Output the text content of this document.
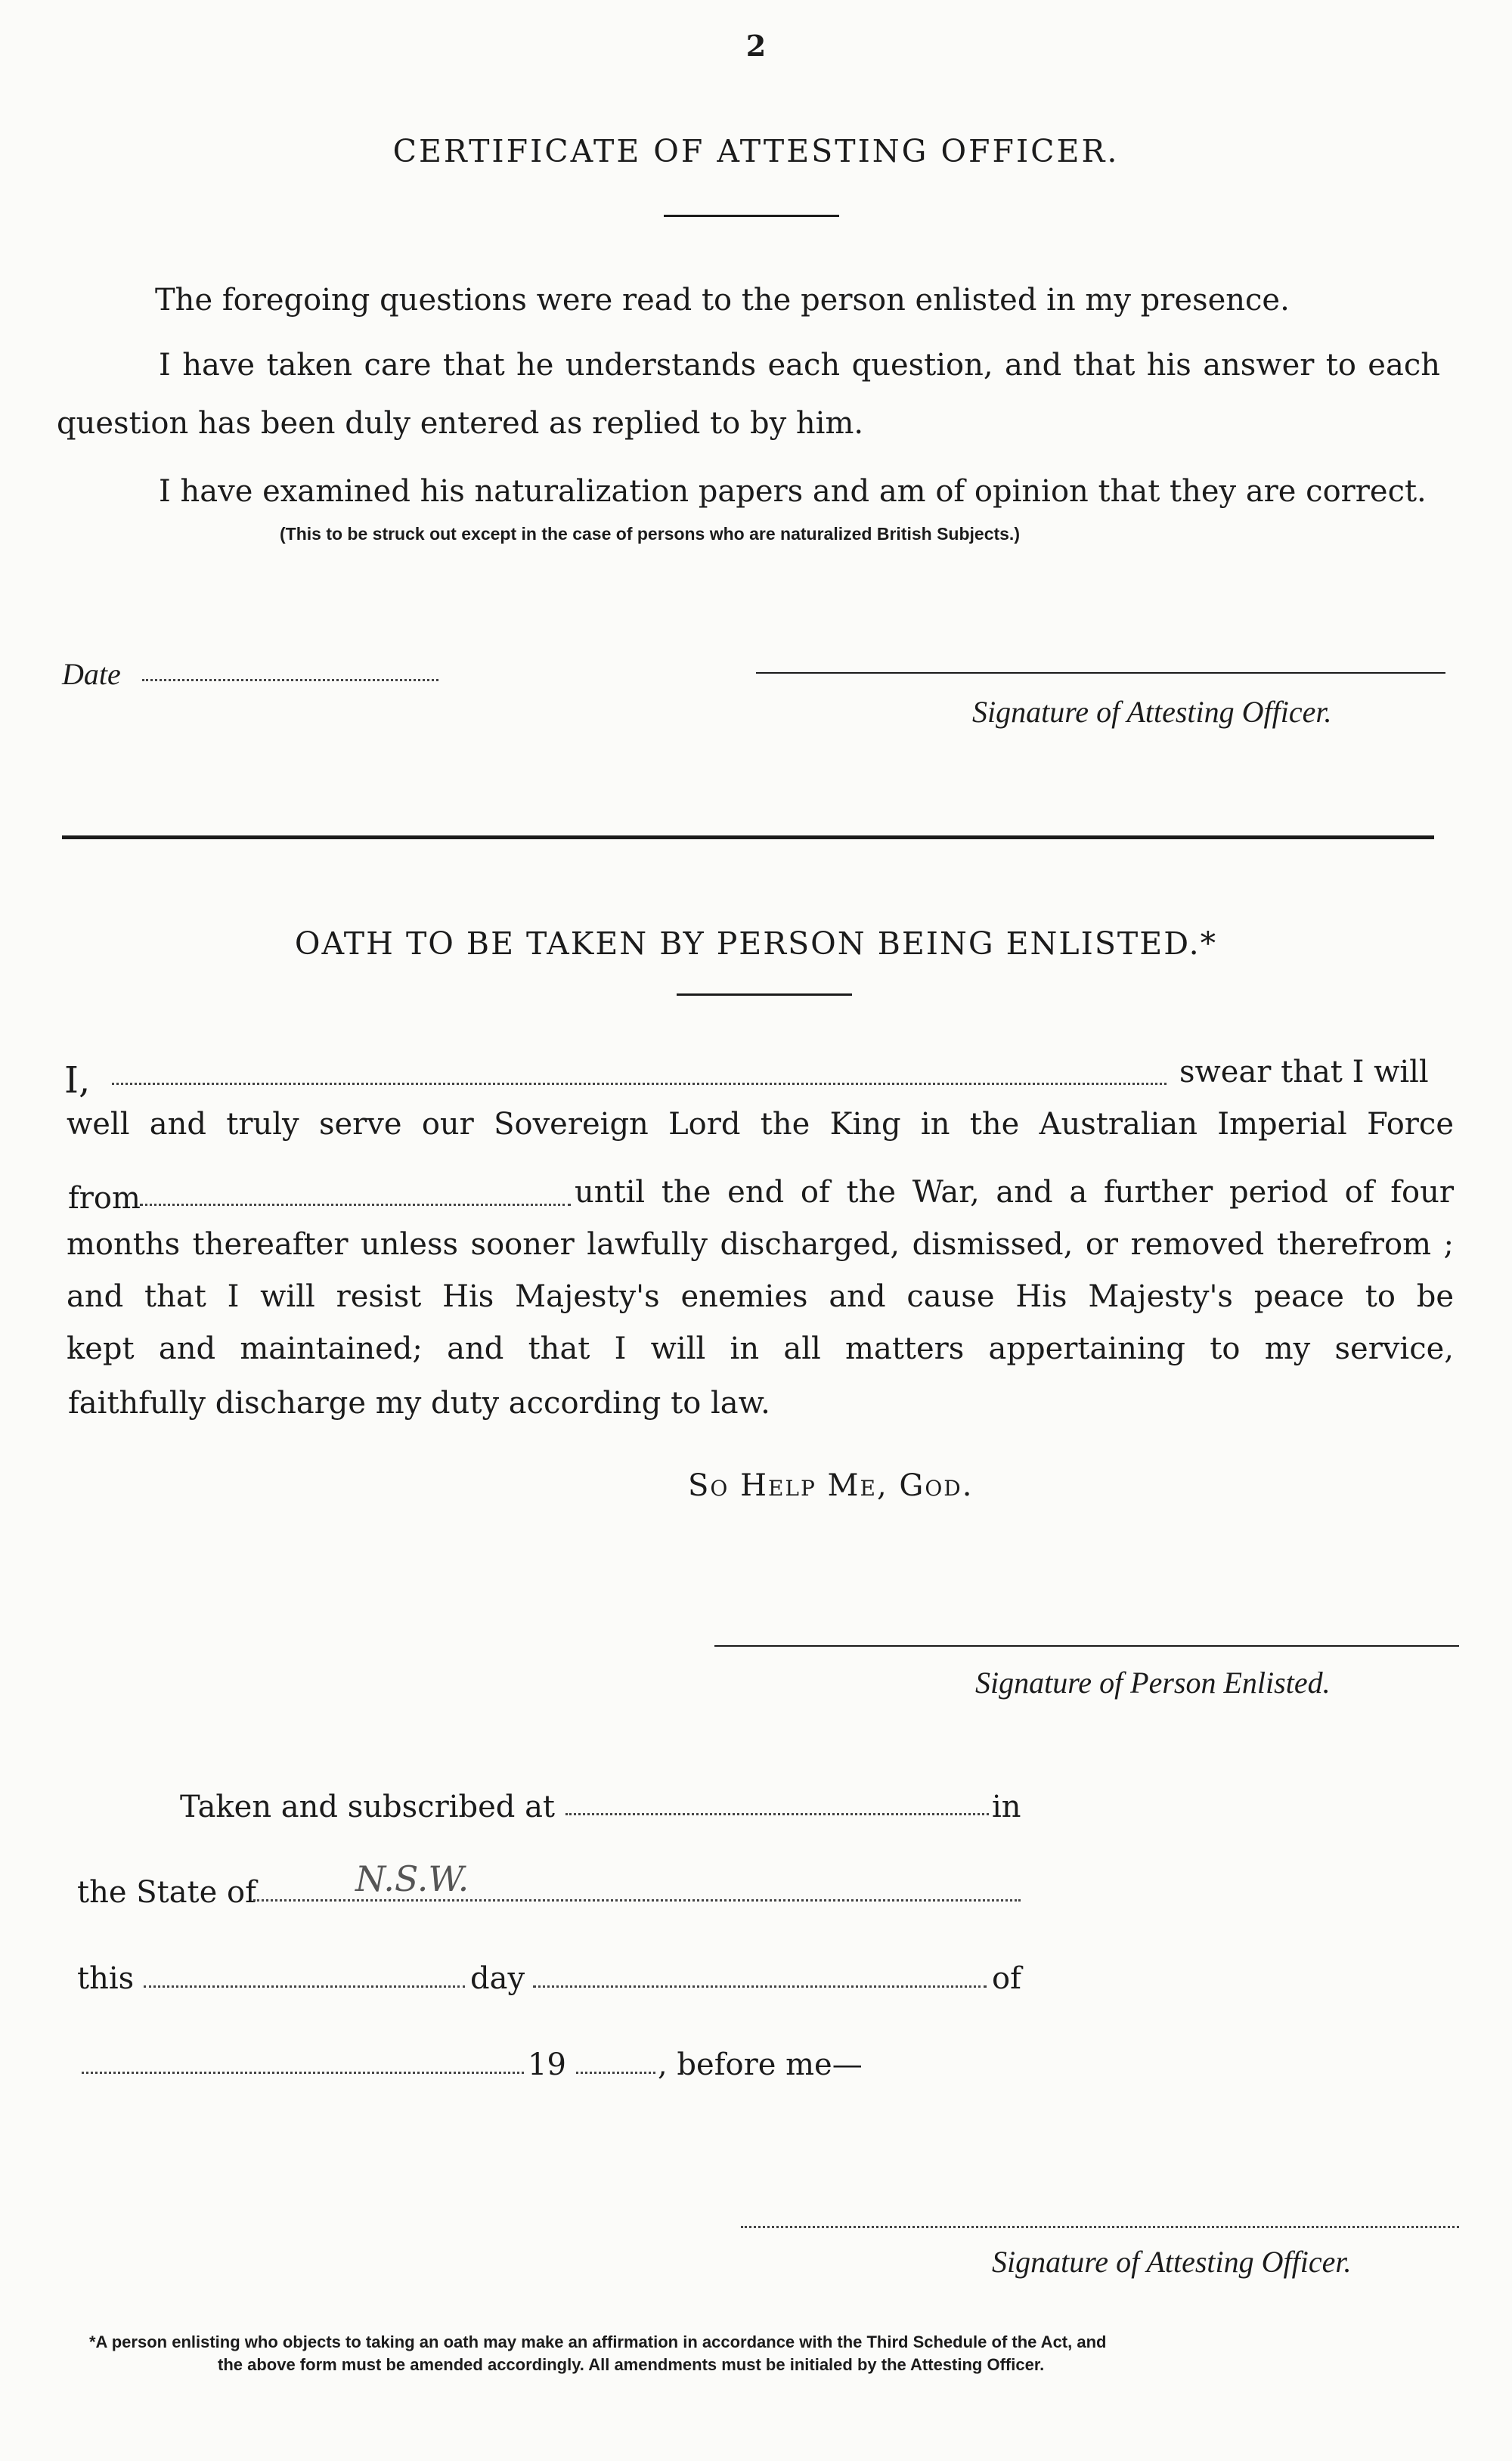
2
CERTIFICATE OF ATTESTING OFFICER.
The foregoing questions were read to the person enlisted in my presence.
I have taken care that he understands each question, and that his answer to each
question has been duly entered as replied to by him.
I have examined his naturalization papers and am of opinion that they are correct.
(This to be struck out except in the case of persons who are naturalized British Subjects.)
Date
Signature of Attesting Officer.
OATH TO BE TAKEN BY PERSON BEING ENLISTED.*
I,	swear that I will
well and truly serve our Sovereign Lord the King in the Australian Imperial Force
from	until the end of the War, and a further period of four
months thereafter unless sooner lawfully discharged, dismissed, or removed therefrom ;
and that I will resist His Majesty's enemies and cause His Majesty's peace to be
kept and maintained; and that I will in all matters appertaining to my service,
faithfully discharge my duty according to law.
So Help Me, God.
Signature of Person Enlisted.
Taken and subscribed at	in
the State of	N.S.W.
this	day	of
19	, before me—
Signature of Attesting Officer.
*A person enlisting who objects to taking an oath may make an affirmation in accordance with the Third Schedule of the Act, and
the above form must be amended accordingly. All amendments must be initialed by the Attesting Officer.
